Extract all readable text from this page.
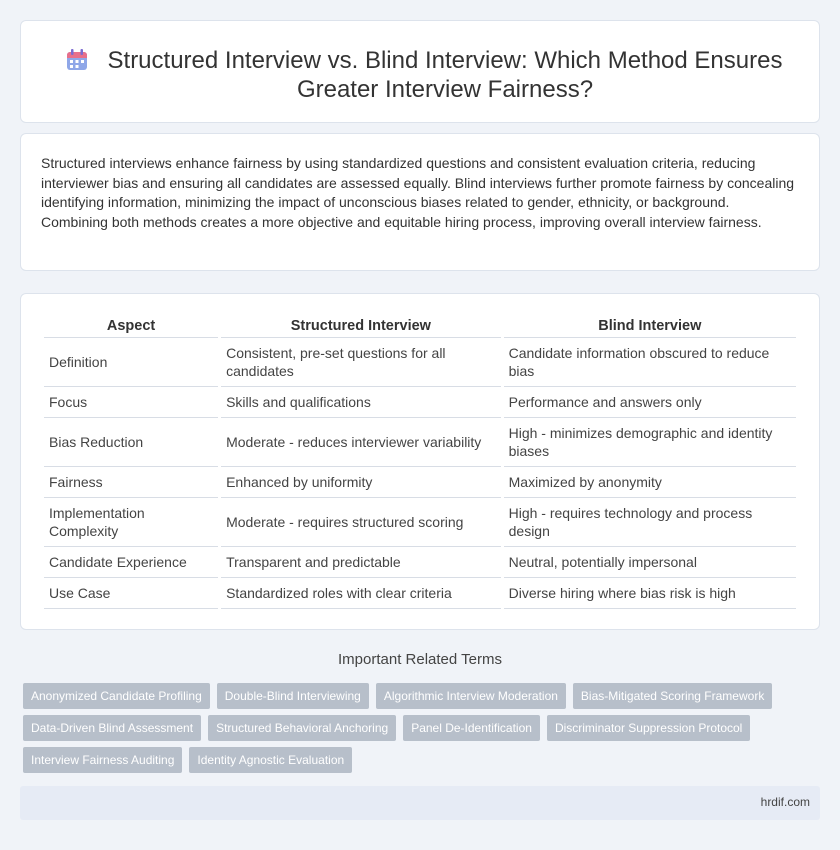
Structured Interview vs. Blind Interview: Which Method Ensures Greater Interview Fairness?

Structured interviews enhance fairness by using standardized questions and consistent evaluation criteria, reducing interviewer bias and ensuring all candidates are assessed equally. Blind interviews further promote fairness by concealing identifying information, minimizing the impact of unconscious biases related to gender, ethnicity, or background. Combining both methods creates a more objective and equitable hiring process, improving overall interview fairness.

Aspect	Structured Interview	Blind Interview
Definition	Consistent, pre-set questions for all candidates	Candidate information obscured to reduce bias
Focus	Skills and qualifications	Performance and answers only
Bias Reduction	Moderate - reduces interviewer variability	High - minimizes demographic and identity biases
Fairness	Enhanced by uniformity	Maximized by anonymity
Implementation Complexity	Moderate - requires structured scoring	High - requires technology and process design
Candidate Experience	Transparent and predictable	Neutral, potentially impersonal
Use Case	Standardized roles with clear criteria	Diverse hiring where bias risk is high
Important Related Terms
Anonymized Candidate Profiling	Double-Blind Interviewing	Algorithmic Interview Moderation	Bias-Mitigated Scoring Framework
Data-Driven Blind Assessment	Structured Behavioral Anchoring	Panel De-Identification	Discriminator Suppression Protocol
Interview Fairness Auditing	Identity Agnostic Evaluation
hrdif.com
